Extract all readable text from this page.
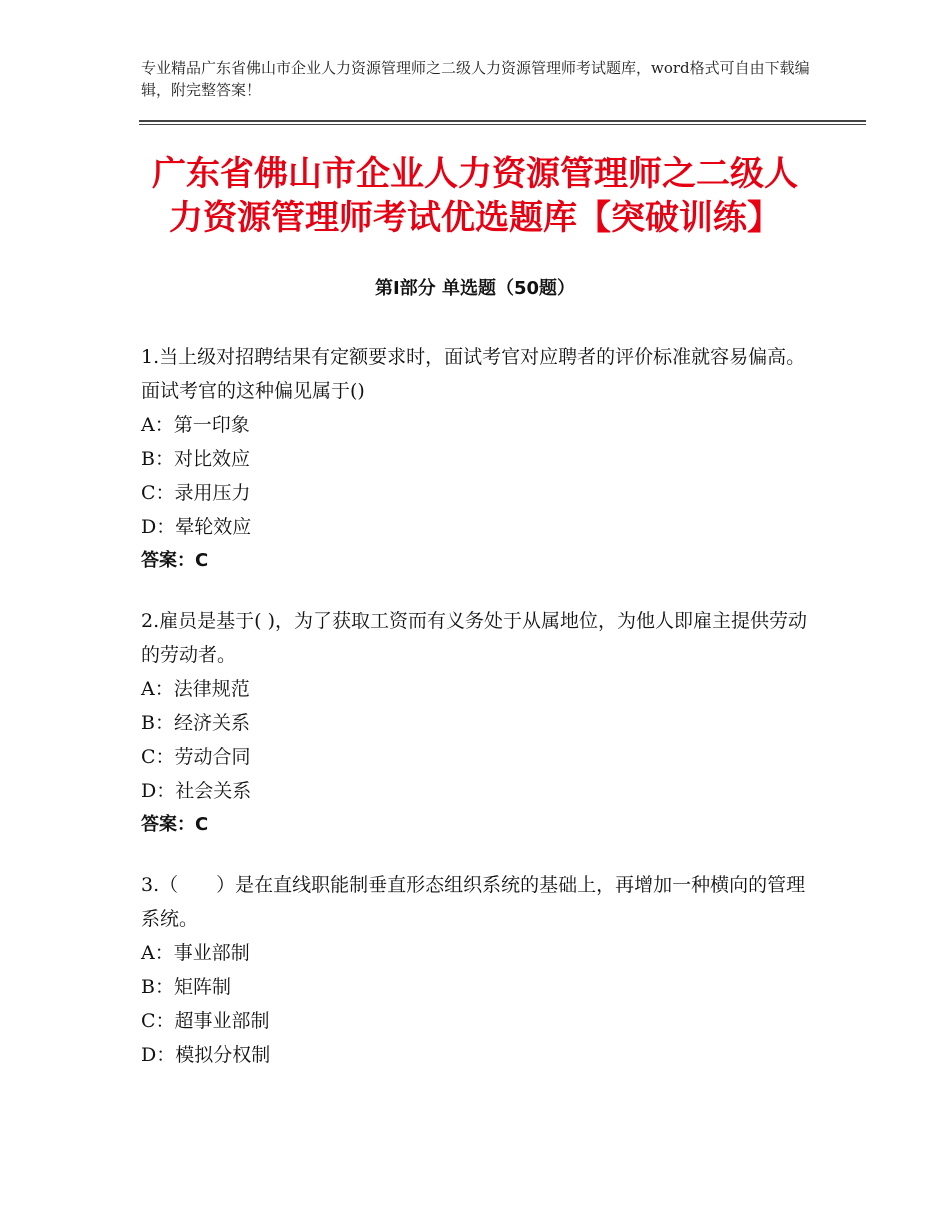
专业精品广东省佛山市企业人力资源管理师之二级人力资源管理师考试题库，word格式可自由下载编辑，附完整答案！
广东省佛山市企业人力资源管理师之二级人
力资源管理师考试优选题库【突破训练】
第Ⅰ部分 单选题（50题）

1.当上级对招聘结果有定额要求时，面试考官对应聘者的评价标准就容易偏高。面试考官的这种偏见属于()

A：第一印象

B：对比效应

C：录用压力

D：晕轮效应

答案：C

2.雇员是基于( )，为了获取工资而有义务处于从属地位，为他人即雇主提供劳动的劳动者。

A：法律规范

B：经济关系

C：劳动合同

D：社会关系

答案：C

3.（　　）是在直线职能制垂直形态组织系统的基础上，再增加一种横向的管理系统。

A：事业部制

B：矩阵制

C：超事业部制

D：模拟分权制
